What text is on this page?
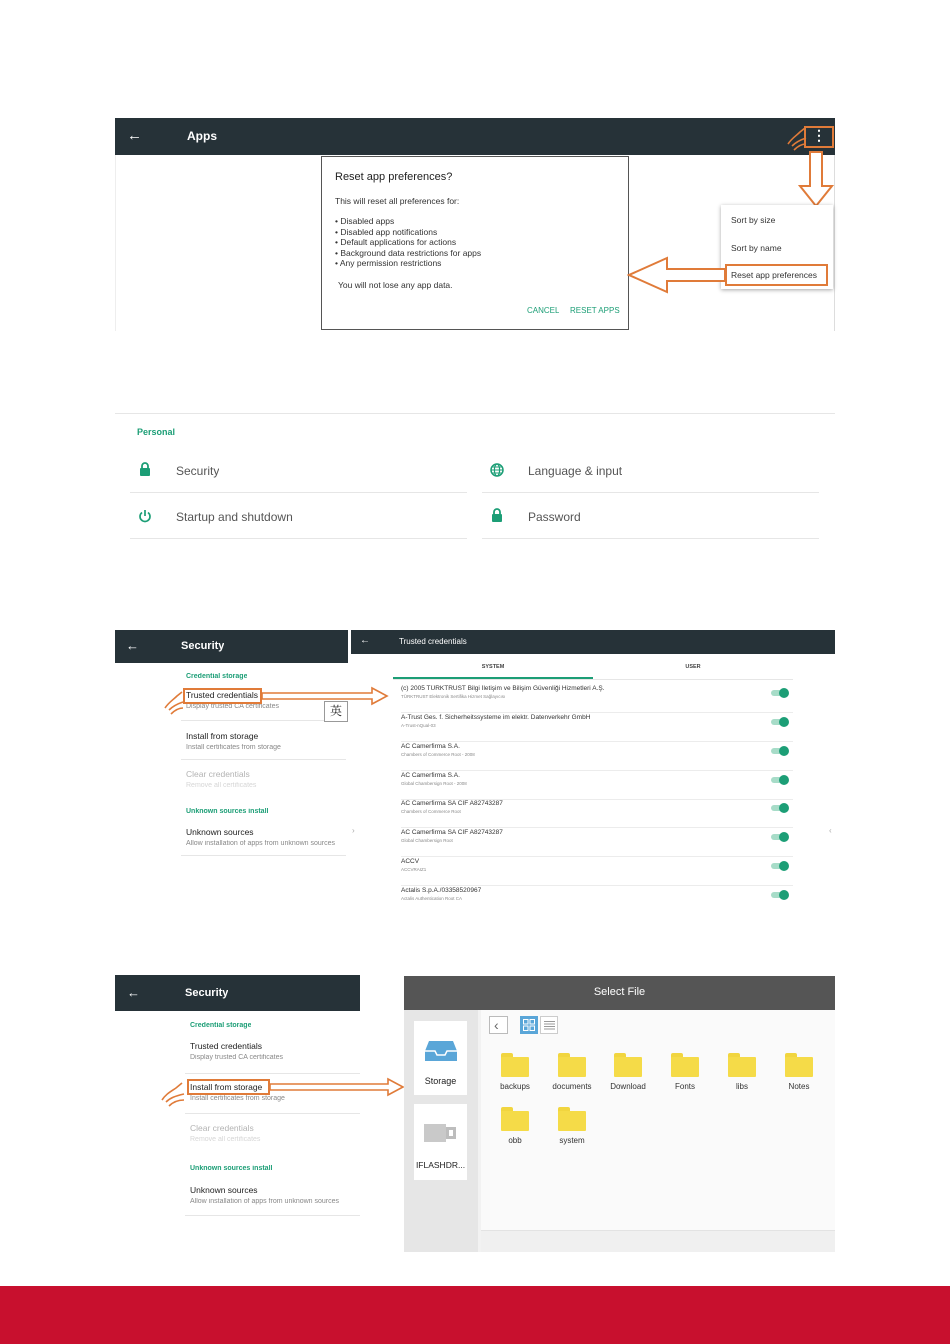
←	Apps	⋮
Reset app preferences?
This will reset all preferences for:
• Disabled apps
• Disabled app notifications
• Default applications for actions
• Background data restrictions for apps
• Any permission restrictions
You will not lose any app data.
CANCEL RESET APPS
Sort by size
Sort by name
Reset app preferences
Personal
Security	Language & input
Startup and shutdown	Password
←	Security
Credential storage
Trusted credentials
Display trusted CA certificates
Install from storage
Install certificates from storage
Clear credentials
Remove all certificates
Unknown sources install
Unknown sources
Allow installation of apps from unknown sources
英
›
←	Trusted credentials
SYSTEM	USER
(c) 2005 TÜRKTRUST Bilgi İletişim ve Bilişim Güvenliği Hizmetleri A.Ş.
TÜRKTRUST Elektronik Sertifika Hizmet Sağlayıcısı
A-Trust Ges. f. Sicherheitssysteme im elektr. Datenverkehr GmbH
A-Trust-nQual-03
AC Camerfirma S.A.
Chambers of Commerce Root - 2008
AC Camerfirma S.A.
Global Chambersign Root - 2008
AC Camerfirma SA CIF A82743287
Chambers of Commerce Root
AC Camerfirma SA CIF A82743287
Global Chambersign Root
ACCV
ACCVRAIZ1
Actalis S.p.A./03358520967
Actalis Authentication Root CA
‹
←	Security
Credential storage
Trusted credentials
Display trusted CA certificates
Install from storage
Install certificates from storage
Clear credentials
Remove all certificates
Unknown sources install
Unknown sources
Allow installation of apps from unknown sources
Select File
Storage
IFLASHDR...
‹
backups	documents	Download	Fonts	libs	Notes
obb	system
